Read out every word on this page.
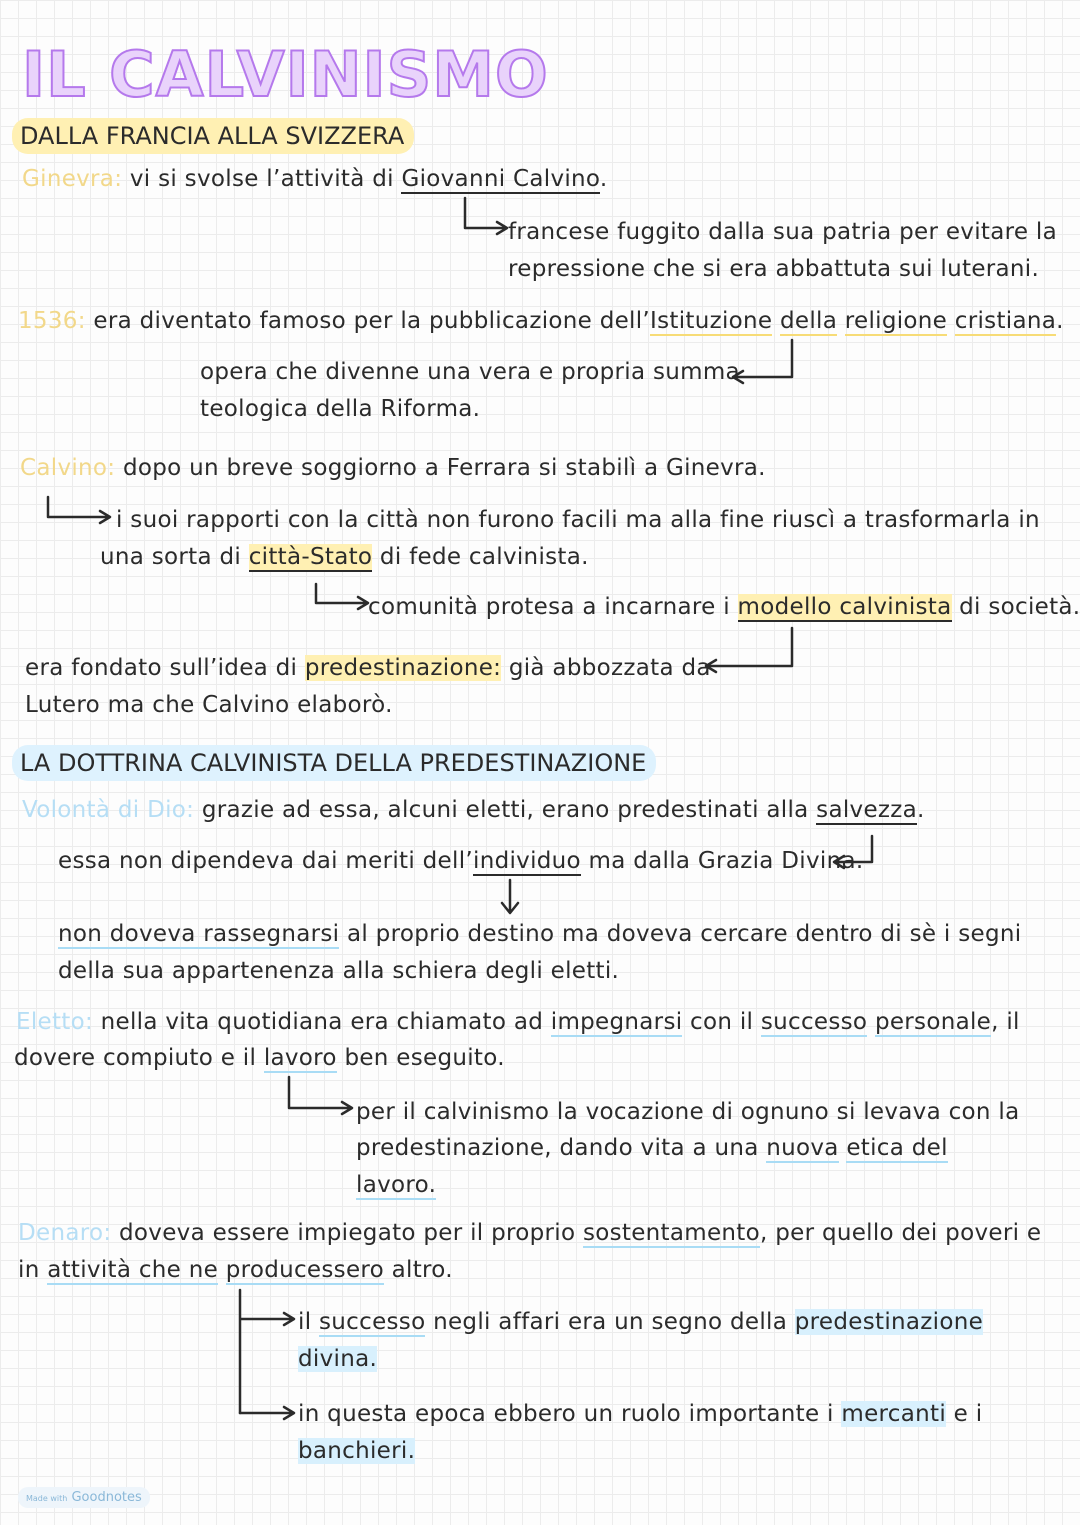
IL CALVINISMO
DALLA FRANCIA ALLA SVIZZERA
Ginevra: vi si svolse l’attività di Giovanni Calvino.
francese fuggito dalla sua patria per evitare la
repressione che si era abbattuta sui luterani.
1536: era diventato famoso per la pubblicazione dell’Istituzione della religione cristiana.
opera che divenne una vera e propria summa
teologica della Riforma.
Calvino: dopo un breve soggiorno a Ferrara si stabilì a Ginevra.
i suoi rapporti con la città non furono facili ma alla fine riuscì a trasformarla in
una sorta di città-Stato di fede calvinista.
comunità protesa a incarnare i modello calvinista di società.
era fondato sull’idea di predestinazione: già abbozzata da
Lutero ma che Calvino elaborò.
LA DOTTRINA CALVINISTA DELLA PREDESTINAZIONE
Volontà di Dio: grazie ad essa, alcuni eletti, erano predestinati alla salvezza.
essa non dipendeva dai meriti dell’individuo ma dalla Grazia Divina.
non doveva rassegnarsi al proprio destino ma doveva cercare dentro di sè i segni
della sua appartenenza alla schiera degli eletti.
Eletto: nella vita quotidiana era chiamato ad impegnarsi con il successo personale, il
dovere compiuto e il lavoro ben eseguito.
per il calvinismo la vocazione di ognuno si levava con la
predestinazione, dando vita a una nuova etica del
lavoro.
Denaro: doveva essere impiegato per il proprio sostentamento, per quello dei poveri e
in attività che ne producessero altro.
il successo negli affari era un segno della predestinazione
divina.
in questa epoca ebbero un ruolo importante i mercanti e i
banchieri.
Made with Goodnotes
